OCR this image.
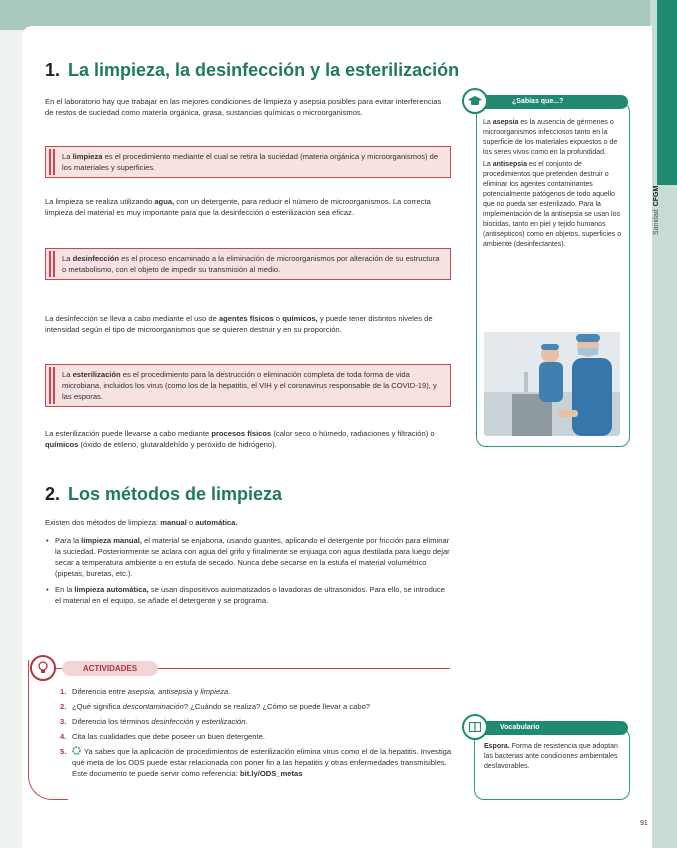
Sanidad
CFGM
1. La limpieza, la desinfección y la esterilización
En el laboratorio hay que trabajar en las mejores condiciones de limpieza y asepsia posibles para evitar interferencias de restos de suciedad como materia orgánica, grasa, sustancias químicas o microorganismos.
La limpieza es el procedimiento mediante el cual se retira la suciedad (materia orgánica y microorganismos) de los materiales y superficies.
La limpieza se realiza utilizando agua, con un detergente, para reducir el número de microorganismos. La correcta limpieza del material es muy importante para que la desinfección o esterilización sea eficaz.
La desinfección es el proceso encaminado a la eliminación de microorganismos por alteración de su estructura o metabolismo, con el objeto de impedir su transmisión al medio.
La desinfección se lleva a cabo mediante el uso de agentes físicos o químicos, y puede tener distintos niveles de intensidad según el tipo de microorganismos que se quieren destruir y en su proporción.
La esterilización es el procedimiento para la destrucción o eliminación completa de toda forma de vida microbiana, incluidos los virus (como los de la hepatitis, el VIH y el coronavirus responsable de la COVID-19), y las esporas.
La esterilización puede llevarse a cabo mediante procesos físicos (calor seco o húmedo, radiaciones y filtración) o químicos (óxido de etileno, glutaraldehído y peróxido de hidrógeno).
2. Los métodos de limpieza
Existen dos métodos de limpieza: manual o automática.
• Para la limpieza manual, el material se enjabona, usando guantes, aplicando el detergente por fricción para eliminar la suciedad. Posteriormente se aclara con agua del grifo y finalmente se enjuaga con agua destilada para luego dejar secar a temperatura ambiente o en estufa de secado. Nunca debe secarse en la estufa el material volumétrico (pipetas, buretas, etc.).
• En la limpieza automática, se usan dispositivos automatizados o lavadoras de ultrasonidos. Para ello, se introduce el material en el equipo, se añade el detergente y se programa.
¿Sabías que...?

La asepsia es la ausencia de gérmenes o microorganismos infecciosos tanto en la superficie de los materiales expuestos o de los seres vivos como en la profundidad.

La antisepsia es el conjunto de procedimientos que pretenden destruir o eliminar los agentes contaminantes potencialmente patógenos de todo aquello que no pueda ser esterilizado. Para la implementación de la antisepsia se usan los biocidas, tanto en piel y tejido humanos (antisépticos) como en objetos, superficies o ambiente (desinfectantes).

ACTIVIDADES
1. Diferencia entre asepsia, antisepsia y limpieza.
2. ¿Qué significa descontaminación? ¿Cuándo se realiza? ¿Cómo se puede llevar a cabo?
3. Diferencia los términos desinfección y esterilización.
4. Cita las cualidades que debe poseer un buen detergente.
5.	Ya sabes que la aplicación de procedimientos de esterilización elimina virus como el de la hepatitis. Investiga qué meta de los ODS puede estar relacionada con poner fin a las hepatitis y otras enfermedades transmisibles. Este documento te puede servir como referencia: bit.ly/ODS_metas
Vocabulario
Espora. Forma de resistencia que adoptan las bacterias ante condiciones ambientales desfavorables.
91
